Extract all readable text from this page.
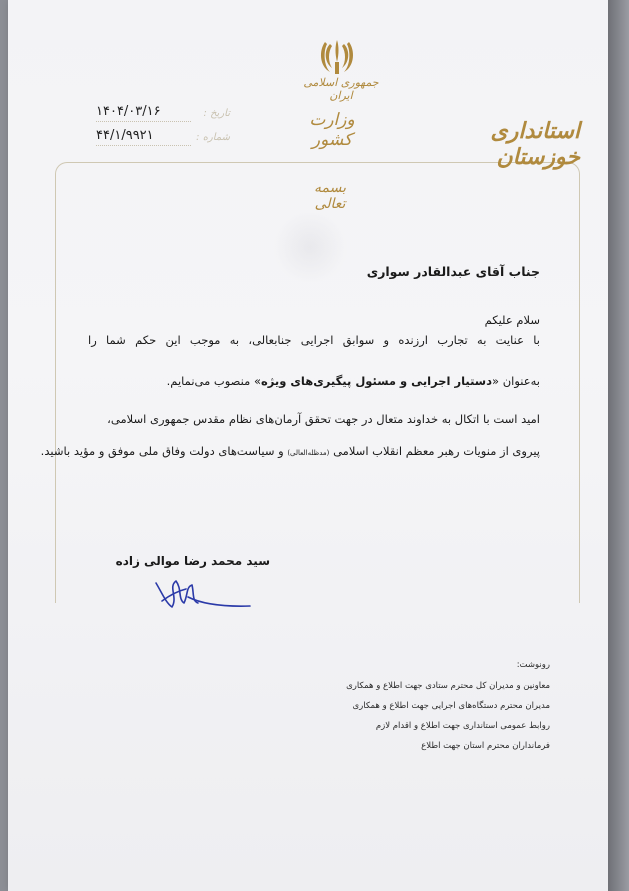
جمهوری اسلامی ایران
وزارت کشور	استانداری خوزستان
تاریخ :
۱۴۰۴/۰۳/۱۶
شماره :
۴۴/۱/۹۹۲۱
بسمه تعالی
جناب آقای عبدالقادر سواری
سلام علیکم
با عنایت به تجارب ارزنده و سوابق اجرایی جنابعالی، به موجب این حکم شما را
به‌عنوان «دستیار اجرایی و مسئول پیگیری‌های ویژه» منصوب می‌نمایم.
امید است با اتکال به خداوند متعال در جهت تحقق آرمان‌های نظام مقدس جمهوری اسلامی،
پیروی از منویات رهبر معظم انقلاب اسلامی (مدظله‌العالی) و سیاست‌های دولت وفاق ملی موفق و مؤید باشید.
سید محمد رضا موالی زاده
رونوشت:
معاونین و مدیران کل محترم ستادی جهت اطلاع و همکاری
مدیران محترم دستگاه‌های اجرایی جهت اطلاع و همکاری
روابط عمومی استانداری جهت اطلاع و اقدام لازم
فرمانداران محترم استان جهت اطلاع
